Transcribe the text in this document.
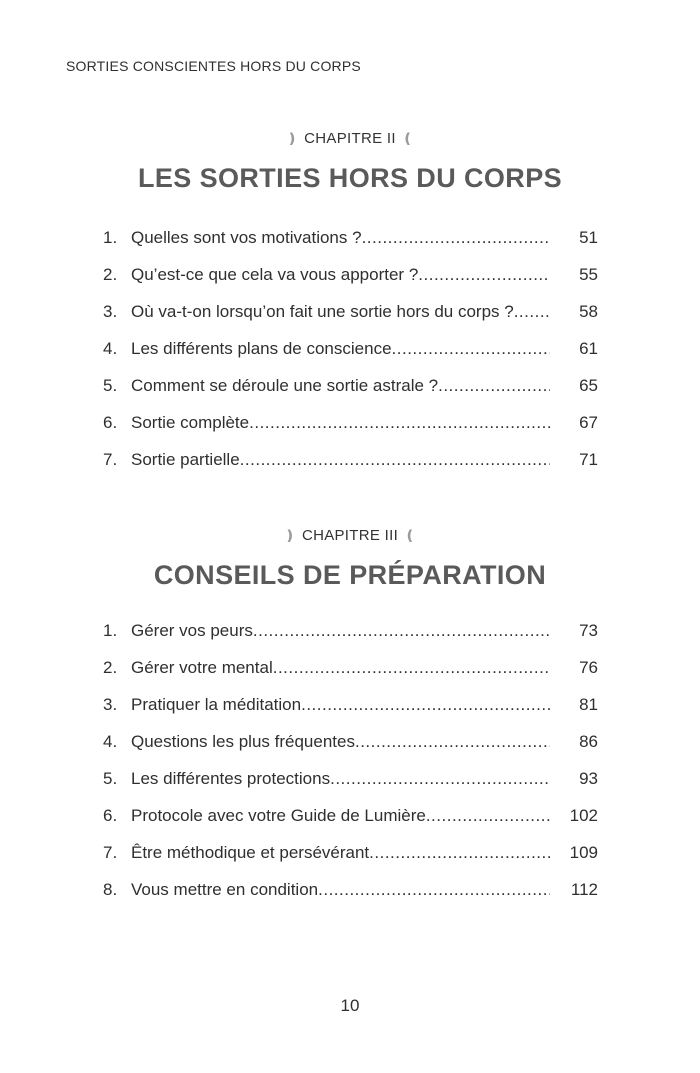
SORTIES CONSCIENTES HORS DU CORPS
❫ CHAPITRE II ❪
LES SORTIES HORS DU CORPS
1. Quelles sont vos motivations ? .....	51
2. Qu’est-ce que cela va vous apporter ? .....	55
3. Où va-t-on lorsqu’on fait une sortie hors du corps ? .....	58
4. Les différents plans de conscience .....	61
5. Comment se déroule une sortie astrale ? .....	65
6. Sortie complète .....	67
7. Sortie partielle .....	71
❫ CHAPITRE III ❪
CONSEILS DE PRÉPARATION
1. Gérer vos peurs .....	73
2. Gérer votre mental .....	76
3. Pratiquer la méditation .....	81
4. Questions les plus fréquentes .....	86
5. Les différentes protections .....	93
6. Protocole avec votre Guide de Lumière .....	102
7. Être méthodique et persévérant .....	109
8. Vous mettre en condition .....	112
10
